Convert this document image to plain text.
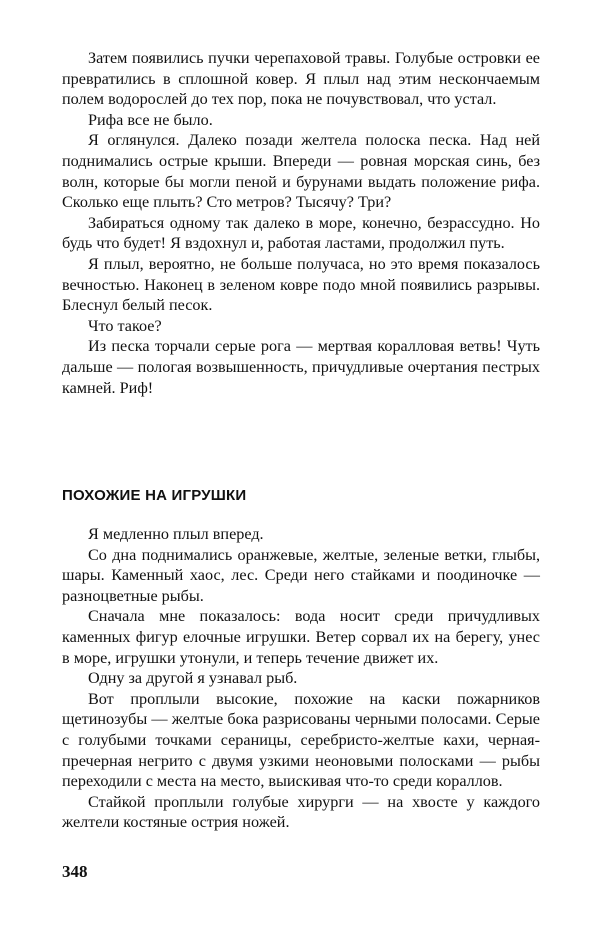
Затем появились пучки черепаховой травы. Голубые островки ее превратились в сплошной ковер. Я плыл над этим нескончаемым полем водорослей до тех пор, пока не почувствовал, что устал.

Рифа все не было.

Я оглянулся. Далеко позади желтела полоска песка. Над ней поднимались острые крыши. Впереди — ровная морская синь, без волн, которые бы могли пеной и бурунами выдать положение рифа. Сколько еще плыть? Сто метров? Тысячу? Три?

Забираться одному так далеко в море, конечно, безрассудно. Но будь что будет! Я вздохнул и, работая ластами, продолжил путь.

Я плыл, вероятно, не больше получаса, но это время показалось вечностью. Наконец в зеленом ковре подо мной появились разрывы. Блеснул белый песок.

Что такое?

Из песка торчали серые рога — мертвая коралловая ветвь! Чуть дальше — пологая возвышенность, причудливые очертания пестрых камней. Риф!

ПОХОЖИЕ НА ИГРУШКИ

Я медленно плыл вперед.

Со дна поднимались оранжевые, желтые, зеленые ветки, глыбы, шары. Каменный хаос, лес. Среди него стайками и поодиночке — разноцветные рыбы.

Сначала мне показалось: вода носит среди причудливых каменных фигур елочные игрушки. Ветер сорвал их на берегу, унес в море, игрушки утонули, и теперь течение движет их.

Одну за другой я узнавал рыб.

Вот проплыли высокие, похожие на каски пожарников щетинозубы — желтые бока разрисованы черными полосами. Серые с голубыми точками сераницы, серебристо-желтые кахи, черная-пречерная негрито с двумя узкими неоновыми полосками — рыбы переходили с места на место, выискивая что-то среди кораллов.

Стайкой проплыли голубые хирурги — на хвосте у каждого желтели костяные острия ножей.

348
